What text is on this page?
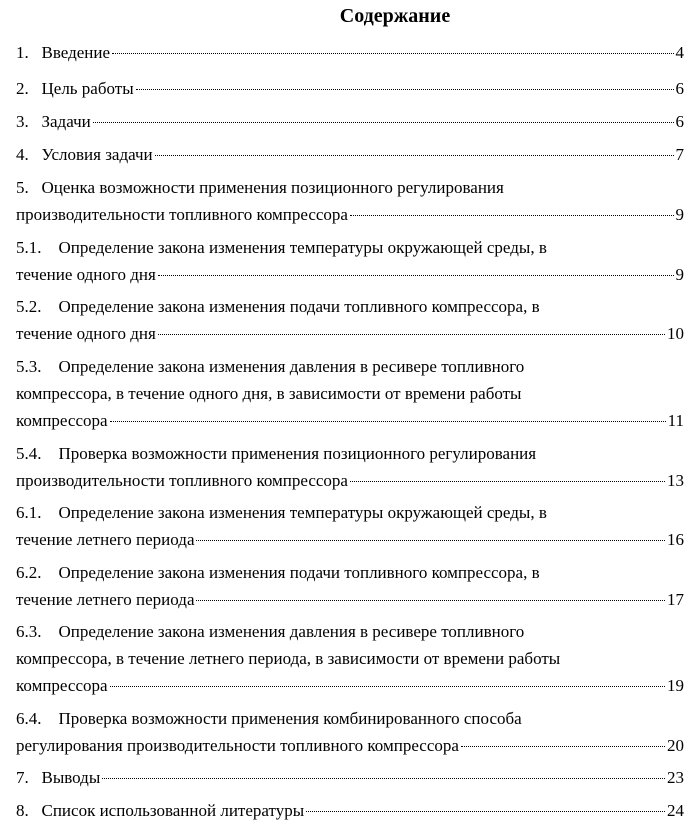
Содержание
1. Введение	4
2. Цель работы	6
3. Задачи	6
4. Условия задачи	7
5. Оценка возможности применения позиционного регулирования
производительности топливного компрессора	9
5.1. Определение закона изменения температуры окружающей среды, в
течение одного дня	9
5.2. Определение закона изменения подачи топливного компрессора, в
течение одного дня	10
5.3. Определение закона изменения давления в ресивере топливного
компрессора, в течение одного дня, в зависимости от времени работы
компрессора	11
5.4. Проверка возможности применения позиционного регулирования
производительности топливного компрессора	13
6.1. Определение закона изменения температуры окружающей среды, в
течение летнего периода	16
6.2. Определение закона изменения подачи топливного компрессора, в
течение летнего периода	17
6.3. Определение закона изменения давления в ресивере топливного
компрессора, в течение летнего периода, в зависимости от времени работы
компрессора	19
6.4. Проверка возможности применения комбинированного способа
регулирования производительности топливного компрессора	20
7. Выводы	23
8. Список использованной литературы	24
